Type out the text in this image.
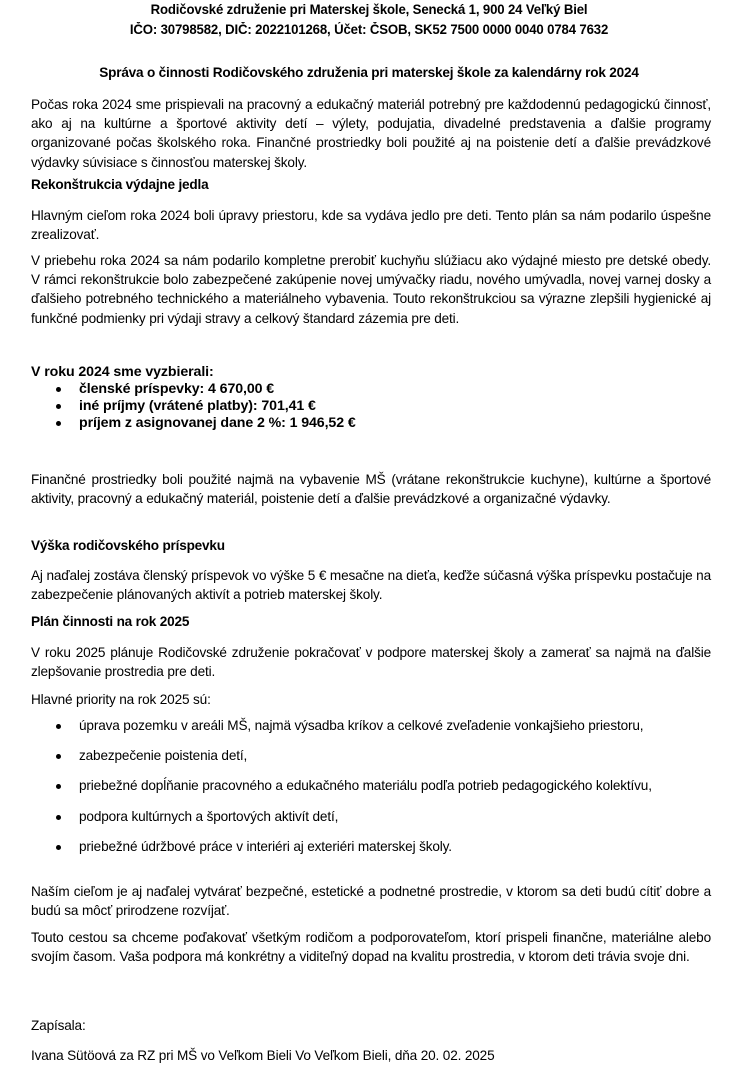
Rodičovské združenie pri Materskej škole, Senecká 1, 900 24 Veľký Biel
IČO: 30798582, DIČ: 2022101268, Účet: ČSOB, SK52 7500 0000 0040 0784 7632
Správa o činnosti Rodičovského združenia pri materskej škole za kalendárny rok 2024
Počas roka 2024 sme prispievali na pracovný a edukačný materiál potrebný pre každodennú pedagogickú činnosť, ako aj na kultúrne a športové aktivity detí – výlety, podujatia, divadelné predstavenia a ďalšie programy organizované počas školského roka. Finančné prostriedky boli použité aj na poistenie detí a ďalšie prevádzkové výdavky súvisiace s činnosťou materskej školy.
Rekonštrukcia výdajne jedla
Hlavným cieľom roka 2024 boli úpravy priestoru, kde sa vydáva jedlo pre deti. Tento plán sa nám podarilo úspešne zrealizovať.
V priebehu roka 2024 sa nám podarilo kompletne prerobiť kuchyňu slúžiacu ako výdajné miesto pre detské obedy. V rámci rekonštrukcie bolo zabezpečené zakúpenie novej umývačky riadu, nového umývadla, novej varnej dosky a ďalšieho potrebného technického a materiálneho vybavenia. Touto rekonštrukciou sa výrazne zlepšili hygienické aj funkčné podmienky pri výdaji stravy a celkový štandard zázemia pre deti.
V roku 2024 sme vyzbierali:
členské príspevky: 4 670,00 €
iné príjmy (vrátené platby): 701,41 €
príjem z asignovanej dane 2 %: 1 946,52 €
Finančné prostriedky boli použité najmä na vybavenie MŠ (vrátane rekonštrukcie kuchyne), kultúrne a športové aktivity, pracovný a edukačný materiál, poistenie detí a ďalšie prevádzkové a organizačné výdavky.
Výška rodičovského príspevku
Aj naďalej zostáva členský príspevok vo výške 5 € mesačne na dieťa, keďže súčasná výška príspevku postačuje na zabezpečenie plánovaných aktivít a potrieb materskej školy.
Plán činnosti na rok 2025
V roku 2025 plánuje Rodičovské združenie pokračovať v podpore materskej školy a zamerať sa najmä na ďalšie zlepšovanie prostredia pre deti.
Hlavné priority na rok 2025 sú:
úprava pozemku v areáli MŠ, najmä výsadba kríkov a celkové zveľadenie vonkajšieho priestoru,
zabezpečenie poistenia detí,
priebežné dopĺňanie pracovného a edukačného materiálu podľa potrieb pedagogického kolektívu,
podpora kultúrnych a športových aktivít detí,
priebežné údržbové práce v interiéri aj exteriéri materskej školy.
Naším cieľom je aj naďalej vytvárať bezpečné, estetické a podnetné prostredie, v ktorom sa deti budú cítiť dobre a budú sa môcť prirodzene rozvíjať.
Touto cestou sa chceme poďakovať všetkým rodičom a podporovateľom, ktorí prispeli finančne, materiálne alebo svojím časom. Vaša podpora má konkrétny a viditeľný dopad na kvalitu prostredia, v ktorom deti trávia svoje dni.
Zapísala:
Ivana Sütöová za RZ pri MŠ vo Veľkom Bieli Vo Veľkom Bieli, dňa 20. 02. 2025
